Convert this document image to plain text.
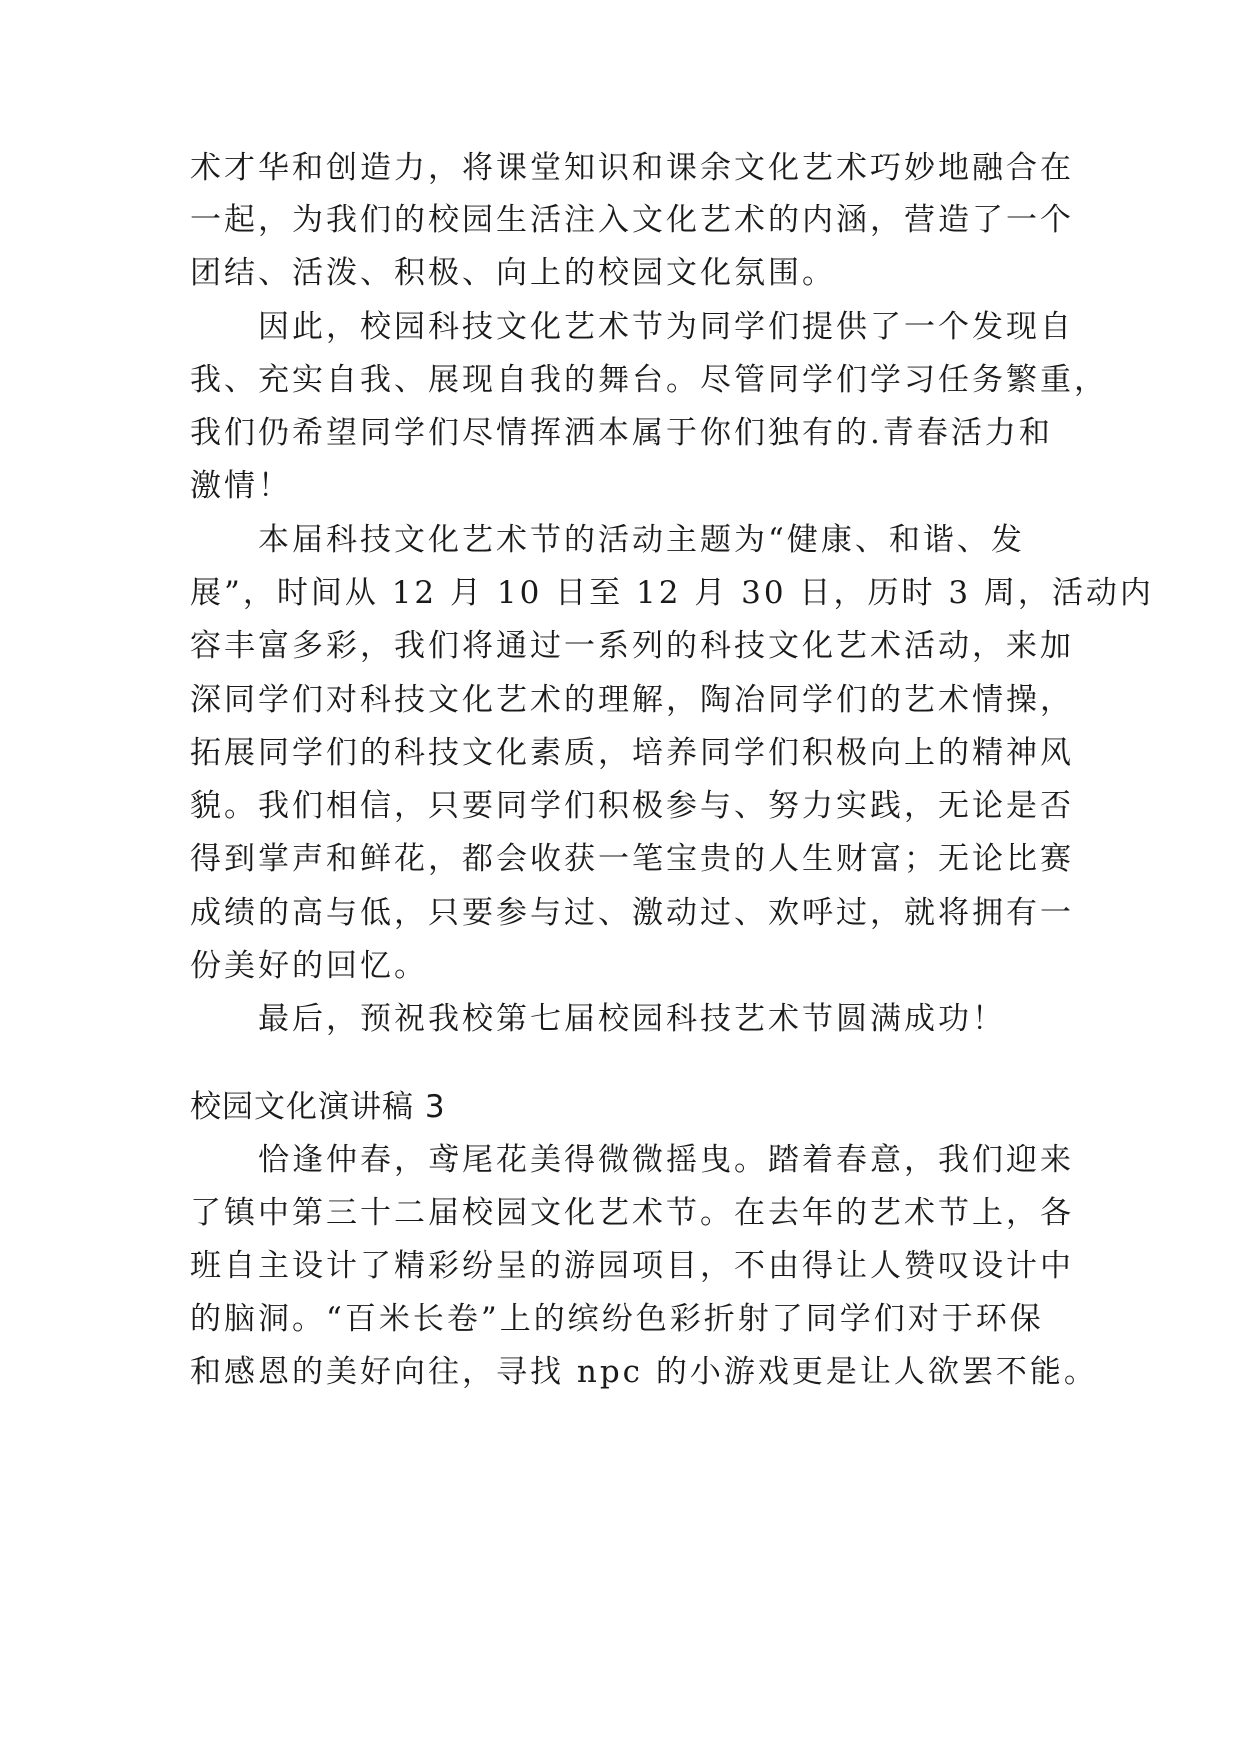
术才华和创造力，将课堂知识和课余文化艺术巧妙地融合在
一起，为我们的校园生活注入文化艺术的内涵，营造了一个
团结、活泼、积极、向上的校园文化氛围。
　　因此，校园科技文化艺术节为同学们提供了一个发现自
我、充实自我、展现自我的舞台。尽管同学们学习任务繁重，
我们仍希望同学们尽情挥洒本属于你们独有的.青春活力和
激情！
　　本届科技文化艺术节的活动主题为“健康、和谐、发
展”，时间从 12 月 10 日至 12 月 30 日，历时 3 周，活动内
容丰富多彩，我们将通过一系列的科技文化艺术活动，来加
深同学们对科技文化艺术的理解，陶冶同学们的艺术情操，
拓展同学们的科技文化素质，培养同学们积极向上的精神风
貌。我们相信，只要同学们积极参与、努力实践，无论是否
得到掌声和鲜花，都会收获一笔宝贵的人生财富；无论比赛
成绩的高与低，只要参与过、激动过、欢呼过，就将拥有一
份美好的回忆。
　　最后，预祝我校第七届校园科技艺术节圆满成功！
校园文化演讲稿 3
　　恰逢仲春，鸢尾花美得微微摇曳。踏着春意，我们迎来
了镇中第三十二届校园文化艺术节。在去年的艺术节上，各
班自主设计了精彩纷呈的游园项目，不由得让人赞叹设计中
的脑洞。“百米长卷”上的缤纷色彩折射了同学们对于环保
和感恩的美好向往，寻找 npc 的小游戏更是让人欲罢不能。
